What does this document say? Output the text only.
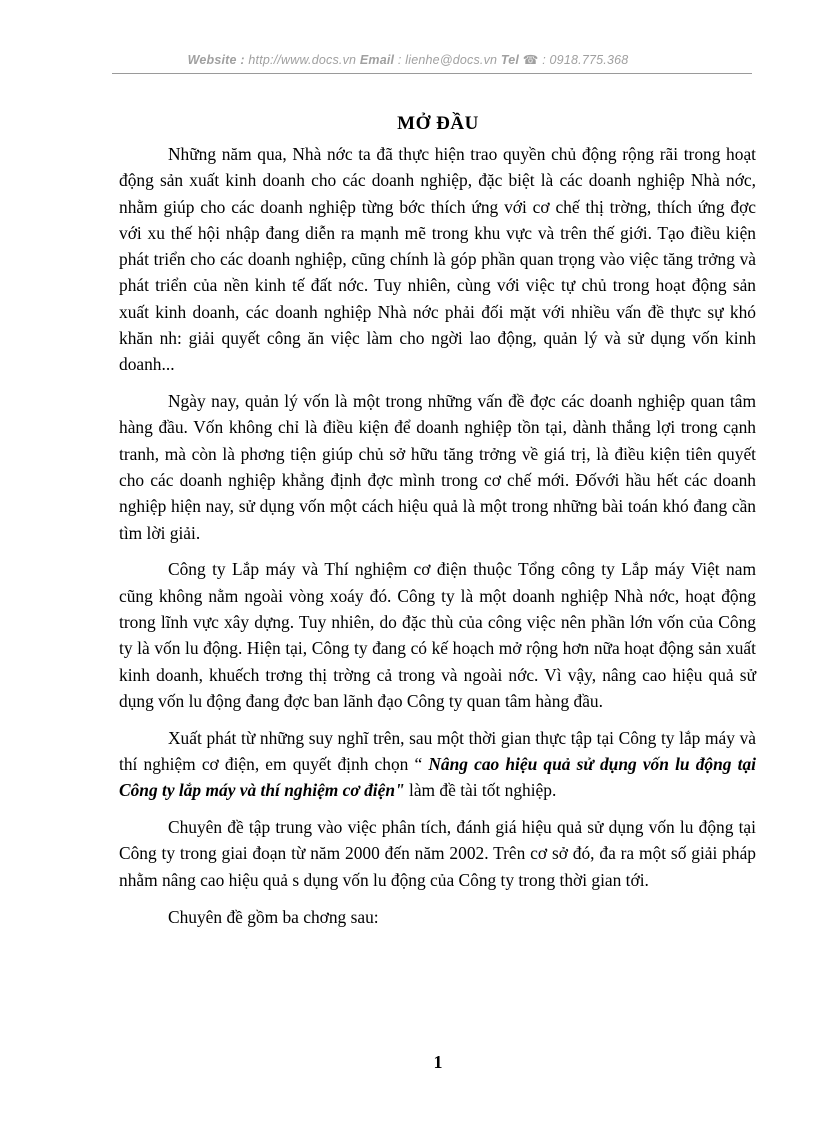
Website : http://www.docs.vn Email : lienhe@docs.vn Tel ☎ : 0918.775.368
MỞ ĐẦU

Những năm qua, Nhà nớc ta đã thực hiện trao quyền chủ động rộng rãi trong hoạt động sản xuất kinh doanh cho các doanh nghiệp, đặc biệt là các doanh nghiệp Nhà nớc, nhằm giúp cho các doanh nghiệp từng bớc thích ứng với cơ chế thị trờng, thích ứng đợc với xu thế hội nhập đang diễn ra mạnh mẽ trong khu vực và trên thế giới. Tạo điều kiện phát triển cho các doanh nghiệp, cũng chính là góp phần quan trọng vào việc tăng trởng và phát triển của nền kinh tế đất nớc. Tuy nhiên, cùng với việc tự chủ trong hoạt động sản xuất kinh doanh, các doanh nghiệp Nhà nớc phải đối mặt với nhiều vấn đề thực sự khó khăn nh: giải quyết công ăn việc làm cho ngời lao động, quản lý và sử dụng vốn kinh doanh...

Ngày nay, quản lý vốn là một trong những vấn đề đợc các doanh nghiệp quan tâm hàng đầu. Vốn không chỉ là điều kiện để doanh nghiệp tồn tại, dành thắng lợi trong cạnh tranh, mà còn là phơng tiện giúp chủ sở hữu tăng trởng về giá trị, là điều kiện tiên quyết cho các doanh nghiệp khẳng định đợc mình trong cơ chế mới. Đốvới hầu hết các doanh nghiệp hiện nay, sử dụng vốn một cách hiệu quả là một trong những bài toán khó đang cần tìm lời giải.

Công ty Lắp máy và Thí nghiệm cơ điện thuộc Tổng công ty Lắp máy Việt nam cũng không nằm ngoài vòng xoáy đó. Công ty là một doanh nghiệp Nhà nớc, hoạt động trong lĩnh vực xây dựng. Tuy nhiên, do đặc thù của công việc nên phần lớn vốn của Công ty là vốn lu động. Hiện tại, Công ty đang có kế hoạch mở rộng hơn nữa hoạt động sản xuất kinh doanh, khuếch trơng thị trờng cả trong và ngoài nớc. Vì vậy, nâng cao hiệu quả sử dụng vốn lu động đang đợc ban lãnh đạo Công ty quan tâm hàng đầu.

Xuất phát từ những suy nghĩ trên, sau một thời gian thực tập tại Công ty lắp máy và thí nghiệm cơ điện, em quyết định chọn “ Nâng cao hiệu quả sử dụng vốn lu động tại Công ty lắp máy và thí nghiệm cơ điện" làm đề tài tốt nghiệp.

Chuyên đề tập trung vào việc phân tích, đánh giá hiệu quả sử dụng vốn lu động tại Công ty trong giai đoạn từ năm 2000 đến năm 2002. Trên cơ sở đó, đa ra một số giải pháp nhằm nâng cao hiệu quả s dụng vốn lu động của Công ty trong thời gian tới.

Chuyên đề gồm ba chơng sau:

1
